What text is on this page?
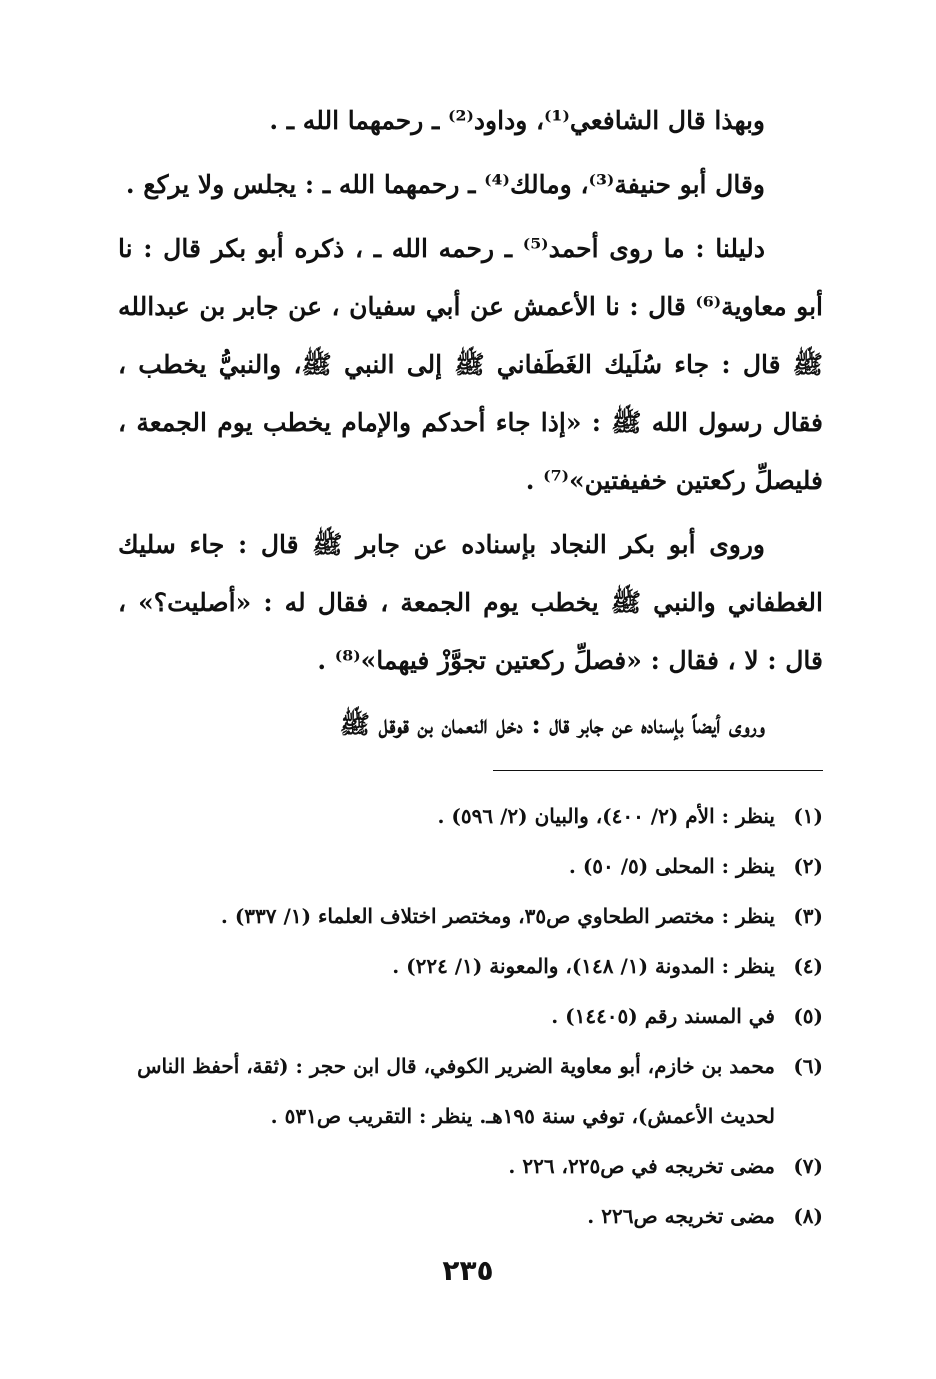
وبهذا قال الشافعي⁽¹⁾، وداود⁽²⁾ ـ رحمهما الله ـ .

وقال أبو حنيفة⁽³⁾، ومالك⁽⁴⁾ ـ رحمهما الله ـ : يجلس ولا يركع .

دليلنا : ما روى أحمد⁽⁵⁾ ـ رحمه الله ـ ، ذكره أبو بكر قال : نا أبو معاوية⁽⁶⁾ قال : نا الأعمش عن أبي سفيان ، عن جابر بن عبدالله ﷺ قال : جاء سُلَيك الغَطَفاني ﷺ إلى النبي ﷺ، والنبيُّ يخطب ، فقال رسول الله ﷺ : «إذا جاء أحدكم والإمام يخطب يوم الجمعة ، فليصلِّ ركعتين خفيفتين»⁽⁷⁾ .

وروى أبو بكر النجاد بإسناده عن جابر ﷺ قال : جاء سليك الغطفاني والنبي ﷺ يخطب يوم الجمعة ، فقال له : «أصليت؟» ، قال : لا ، فقال : «فصلِّ ركعتين تجوَّزْ فيهما»⁽⁸⁾ .

وروى أيضاً بإسناده عن جابر قال : دخل النعمان بن قوقل ﷺ

(١)
ينظر : الأم (٢/ ٤٠٠)، والبيان (٢/ ٥٩٦) .
(٢)
ينظر : المحلى (٥/ ٥٠) .
(٣)
ينظر : مختصر الطحاوي ص٣٥، ومختصر اختلاف العلماء (١/ ٣٣٧) .
(٤)
ينظر : المدونة (١/ ١٤٨)، والمعونة (١/ ٢٢٤) .
(٥)
في المسند رقم (١٤٤٠٥) .
(٦)
محمد بن خازم، أبو معاوية الضرير الكوفي، قال ابن حجر : (ثقة، أحفظ الناس لحديث الأعمش)، توفي سنة ١٩٥هـ. ينظر : التقريب ص٥٣١ .
(٧)
مضى تخريجه في ص٢٢٥، ٢٢٦ .
(٨)
مضى تخريجه ص٢٢٦ .
٢٣٥
